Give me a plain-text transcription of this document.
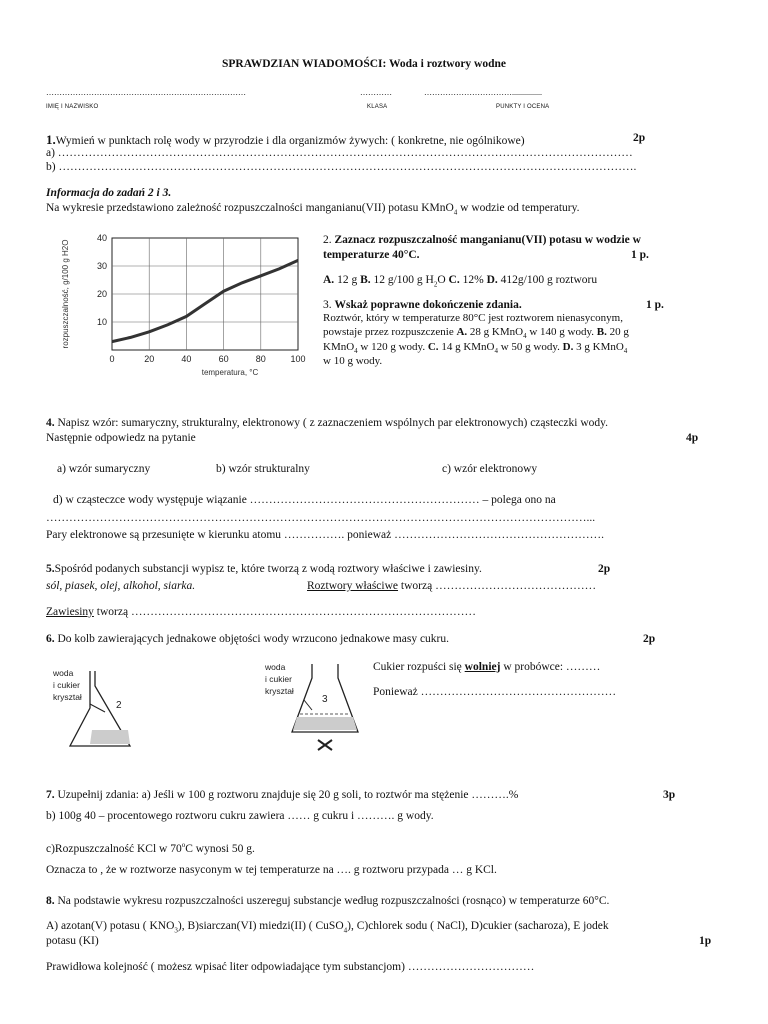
SPRAWDZIAN WIADOMOŚCI: Woda i roztwory wodne
…………………………………………………………………	…………	……………………………...............
IMIĘ I NAZWISKO	KLASA	PUNKTY I OCENA
1.Wymień w punktach rolę wody w przyrodzie i dla organizmów żywych: ( konkretne, nie ogólnikowe)	2p
a) ……………………………………………………………………………………………………………………………………
b) …………………………………………………………………………………………………………………………………….
Informacja do zadań 2 i 3.
Na wykresie przedstawiono zależność rozpuszczalności manganianu(VII) potasu KMnO$_4$ w wodzie od temperatury.
0	20	40	60	80	100
10
20
30
40
rozpuszczalność, g/100 g H2O
temperatura, °C
2. Zaznacz rozpuszczalność manganianu(VII) potasu w wodzie w
temperaturze 40°C.	1 p.
A. 12 g B. 12 g/100 g $H_2O$ C. 12% D. 412g/100 g roztworu
3. Wskaż poprawne dokończenie zdania.	1 p.
Roztwór, który w temperaturze 80°C jest roztworem nienasyconym,
powstaje przez rozpuszczenie A. 28 g KMnO$_4$ w 140 g wody. B. 20 g
KMnO$_4$ w 120 g wody. C. 14 g KMnO$_4$ w 50 g wody. D. 3 g KMnO$_4$
w 10 g wody.
4. Napisz wzór: sumaryczny, strukturalny, elektronowy ( z zaznaczeniem wspólnych par elektronowych) cząsteczki wody.
Następnie odpowiedz na pytanie	4p
a) wzór sumaryczny	b) wzór strukturalny	c) wzór elektronowy
d) w cząsteczce wody występuje wiązanie …………………………………………………… – polega ono na
……………………………………………………………………………………………………………………………...
Pary elektronowe są przesunięte w kierunku atomu ……………. ponieważ ……………………………………………….
5.Spośród podanych substancji wypisz te, które tworzą z wodą roztwory właściwe i zawiesiny.	2p
sól, piasek, olej, alkohol, siarka.	Roztwory właściwe tworzą ……………………………………
Zawiesiny tworzą ………………………………………………………………………………
6. Do kolb zawierających jednakowe objętości wody wrzucono jednakowe masy cukru.	2p
woda
i cukier
kryształ
2
woda
i cukier
kryształ
3
Cukier rozpuści się wolniej w probówce: ………
Ponieważ ……………………………………………
7. Uzupełnij zdania: a) Jeśli w 100 g roztworu znajduje się 20 g soli, to roztwór ma stężenie ……….%	3p
b) 100g 40 – procentowego roztworu cukru zawiera …… g cukru i ………. g wody.
c)Rozpuszczalność KCl w 70$^o$C wynosi 50 g.
Oznacza to , że w roztworze nasyconym w tej temperaturze na …. g roztworu przypada … g KCl.
8. Na podstawie wykresu rozpuszczalności uszereguj substancje według rozpuszczalności (rosnąco) w temperaturze 60°C.
A) azotan(V) potasu ( $KNO_3$), B)siarczan(VI) miedzi(II) ( CuSO$_4$), C)chlorek sodu ( NaCl), D)cukier (sacharoza), E jodek
potasu (KI)	1p
Prawidłowa kolejność ( możesz wpisać liter odpowiadające tym substancjom) ……………………………
